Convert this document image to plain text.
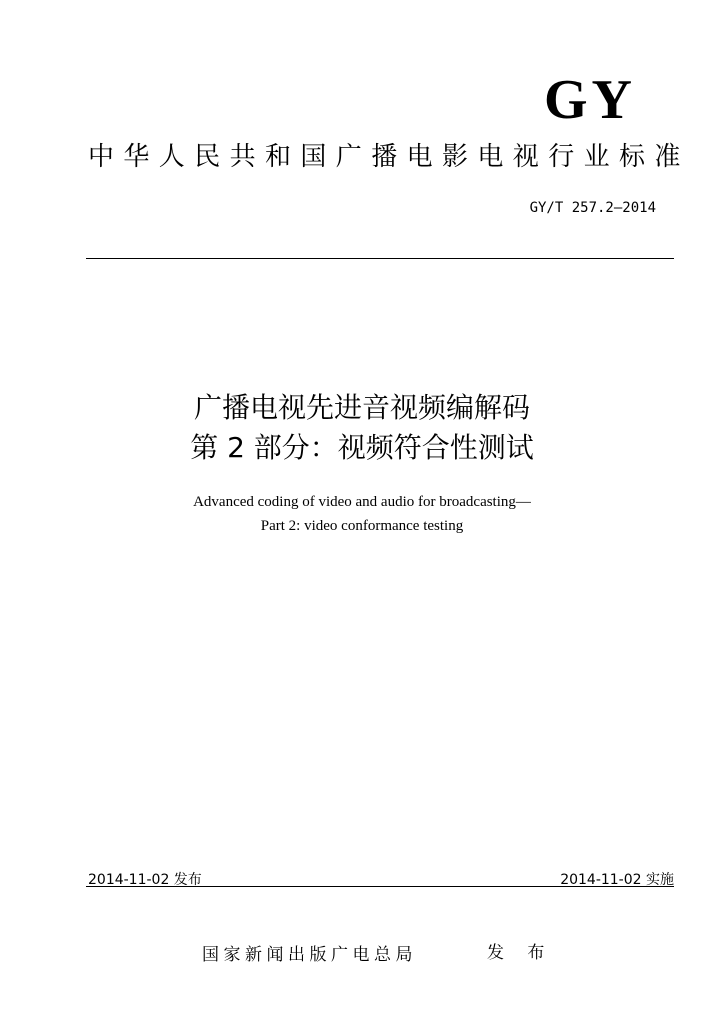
GY
中华人民共和国广播电影电视行业标准
GY/T 257.2—2014
广播电视先进音视频编解码
第 2 部分：视频符合性测试
Advanced coding of video and audio for broadcasting—
Part 2: video conformance testing
2014-11-02 发布	2014-11-02 实施
国家新闻出版广电总局	发 布
